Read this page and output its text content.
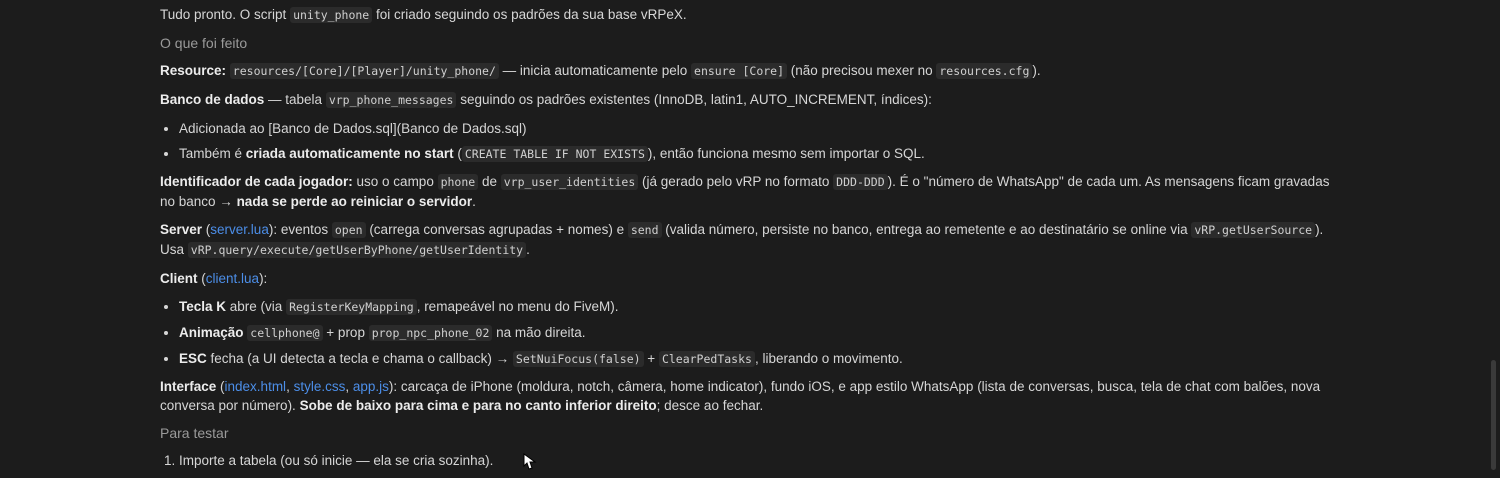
Tudo pronto. O script unity_phone foi criado seguindo os padrões da sua base vRPeX.

O que foi feito

Resource: resources/[Core]/[Player]/unity_phone/ — inicia automaticamente pelo ensure [Core] (não precisou mexer no resources.cfg ).

Banco de dados — tabela vrp_phone_messages seguindo os padrões existentes (InnoDB, latin1, AUTO_INCREMENT, índices):

• Adicionada ao [Banco de Dados.sql](Banco de Dados.sql)
• Também é criada automaticamente no start ( CREATE TABLE IF NOT EXISTS ), então funciona mesmo sem importar o SQL.

Identificador de cada jogador: uso o campo phone de vrp_user_identities (já gerado pelo vRP no formato DDD-DDD ). É o "número de WhatsApp" de cada um. As mensagens ficam gravadas no banco → nada se perde ao reiniciar o servidor.

Server (server.lua): eventos open (carrega conversas agrupadas + nomes) e send (valida número, persiste no banco, entrega ao remetente e ao destinatário se online via vRP.getUserSource ). Usa vRP.query/execute/getUserByPhone/getUserIdentity .

Client (client.lua):

• Tecla K abre (via RegisterKeyMapping , remapeável no menu do FiveM).
• Animação cellphone@ + prop prop_npc_phone_02 na mão direita.
• ESC fecha (a UI detecta a tecla e chama o callback) → SetNuiFocus(false) + ClearPedTasks , liberando o movimento.

Interface (index.html, style.css, app.js): carcaça de iPhone (moldura, notch, câmera, home indicator), fundo iOS, e app estilo WhatsApp (lista de conversas, busca, tela de chat com balões, nova conversa por número). Sobe de baixo para cima e para no canto inferior direito; desce ao fechar.

Para testar
1. Importe a tabela (ou só inicie — ela se cria sozinha).
